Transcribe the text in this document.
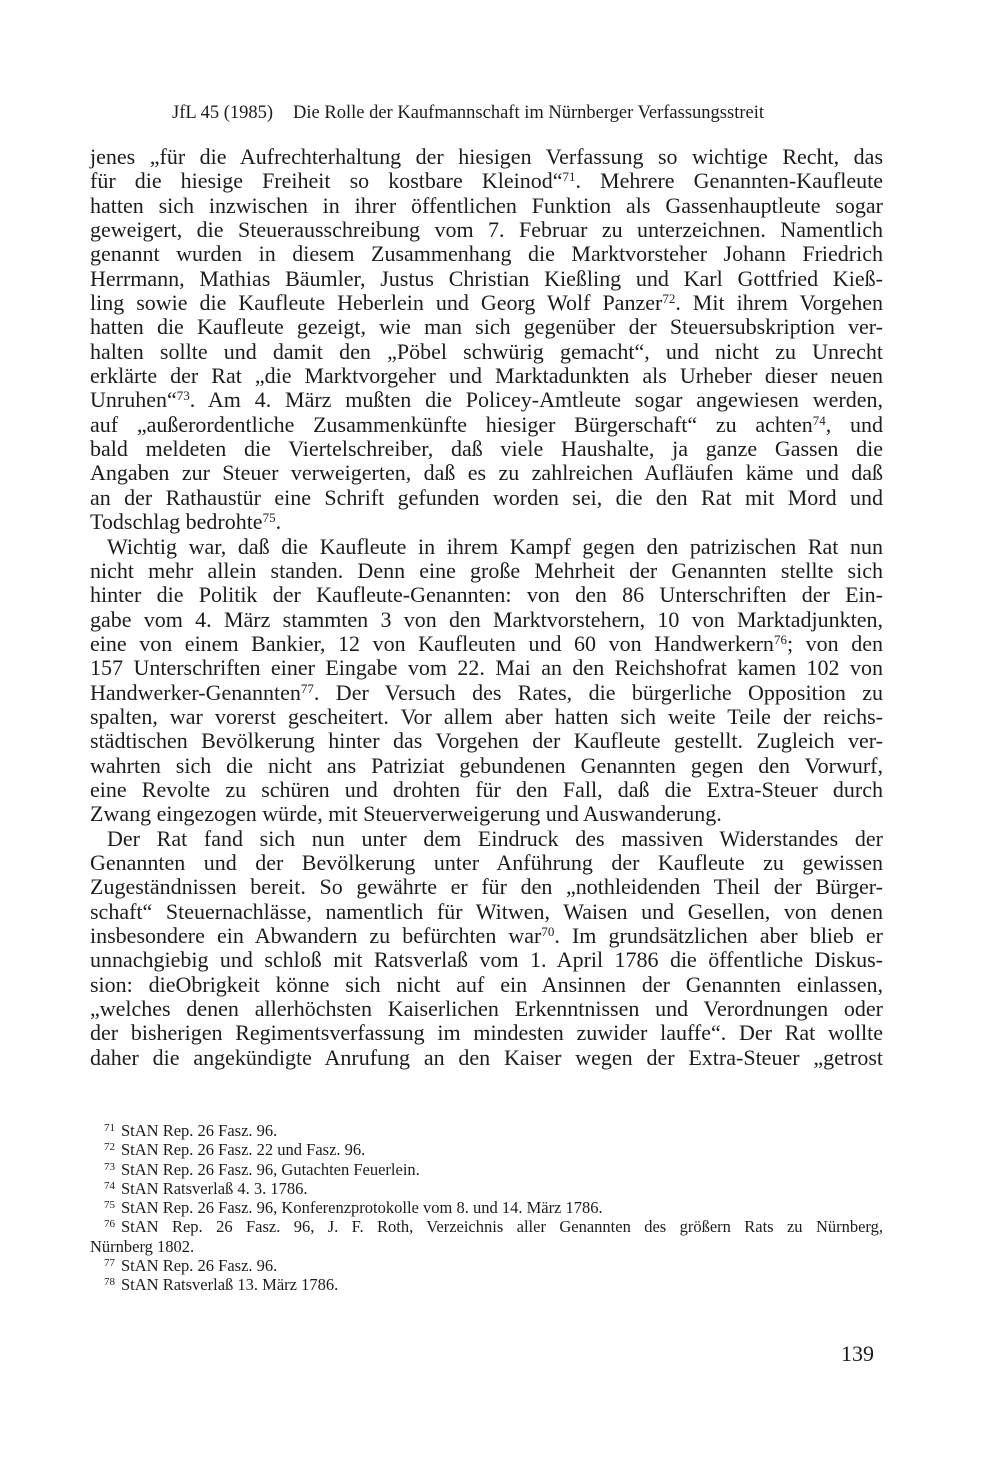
JfL 45 (1985) Die Rolle der Kaufmannschaft im Nürnberger Verfassungsstreit
jenes „für die Aufrechterhaltung der hiesigen Verfassung so wichtige Recht, das
für die hiesige Freiheit so kostbare Kleinod“$^{71}$. Mehrere Genannten-Kaufleute
hatten sich inzwischen in ihrer öffentlichen Funktion als Gassenhauptleute sogar
geweigert, die Steuerausschreibung vom 7. Februar zu unterzeichnen. Namentlich
genannt wurden in diesem Zusammenhang die Marktvorsteher Johann Friedrich
Herrmann, Mathias Bäumler, Justus Christian Kießling und Karl Gottfried Kieß-
ling sowie die Kaufleute Heberlein und Georg Wolf Panzer$^{72}$. Mit ihrem Vorgehen
hatten die Kaufleute gezeigt, wie man sich gegenüber der Steuersubskription ver-
halten sollte und damit den „Pöbel schwürig gemacht“, und nicht zu Unrecht
erklärte der Rat „die Marktvorgeher und Marktadunkten als Urheber dieser neuen
Unruhen“$^{73}$. Am 4. März mußten die Policey-Amtleute sogar angewiesen werden,
auf „außerordentliche Zusammenkünfte hiesiger Bürgerschaft“ zu achten$^{74}$, und
bald meldeten die Viertelschreiber, daß viele Haushalte, ja ganze Gassen die
Angaben zur Steuer verweigerten, daß es zu zahlreichen Aufläufen käme und daß
an der Rathaustür eine Schrift gefunden worden sei, die den Rat mit Mord und
Todschlag bedrohte$^{75}$.
Wichtig war, daß die Kaufleute in ihrem Kampf gegen den patrizischen Rat nun
nicht mehr allein standen. Denn eine große Mehrheit der Genannten stellte sich
hinter die Politik der Kaufleute-Genannten: von den 86 Unterschriften der Ein-
gabe vom 4. März stammten 3 von den Marktvorstehern, 10 von Marktadjunkten,
eine von einem Bankier, 12 von Kaufleuten und 60 von Handwerkern$^{76}$; von den
157 Unterschriften einer Eingabe vom 22. Mai an den Reichshofrat kamen 102 von
Handwerker-Genannten$^{77}$. Der Versuch des Rates, die bürgerliche Opposition zu
spalten, war vorerst gescheitert. Vor allem aber hatten sich weite Teile der reichs-
städtischen Bevölkerung hinter das Vorgehen der Kaufleute gestellt. Zugleich ver-
wahrten sich die nicht ans Patriziat gebundenen Genannten gegen den Vorwurf,
eine Revolte zu schüren und drohten für den Fall, daß die Extra-Steuer durch
Zwang eingezogen würde, mit Steuerverweigerung und Auswanderung.
Der Rat fand sich nun unter dem Eindruck des massiven Widerstandes der
Genannten und der Bevölkerung unter Anführung der Kaufleute zu gewissen
Zugeständnissen bereit. So gewährte er für den „nothleidenden Theil der Bürger-
schaft“ Steuernachlässe, namentlich für Witwen, Waisen und Gesellen, von denen
insbesondere ein Abwandern zu befürchten war$^{70}$. Im grundsätzlichen aber blieb er
unnachgiebig und schloß mit Ratsverlaß vom 1. April 1786 die öffentliche Diskus-
sion: dieObrigkeit könne sich nicht auf ein Ansinnen der Genannten einlassen,
„welches denen allerhöchsten Kaiserlichen Erkenntnissen und Verordnungen oder
der bisherigen Regimentsverfassung im mindesten zuwider lauffe“. Der Rat wollte
daher die angekündigte Anrufung an den Kaiser wegen der Extra-Steuer „getrost
$^{71}$ StAN Rep. 26 Fasz. 96.
$^{72}$ StAN Rep. 26 Fasz. 22 und Fasz. 96.
$^{73}$ StAN Rep. 26 Fasz. 96, Gutachten Feuerlein.
$^{74}$ StAN Ratsverlaß 4. 3. 1786.
$^{75}$ StAN Rep. 26 Fasz. 96, Konferenzprotokolle vom 8. und 14. März 1786.
$^{76}$ StAN Rep. 26 Fasz. 96, J. F. Roth, Verzeichnis aller Genannten des größern Rats zu Nürnberg,
Nürnberg 1802.
$^{77}$ StAN Rep. 26 Fasz. 96.
$^{78}$ StAN Ratsverlaß 13. März 1786.
139
